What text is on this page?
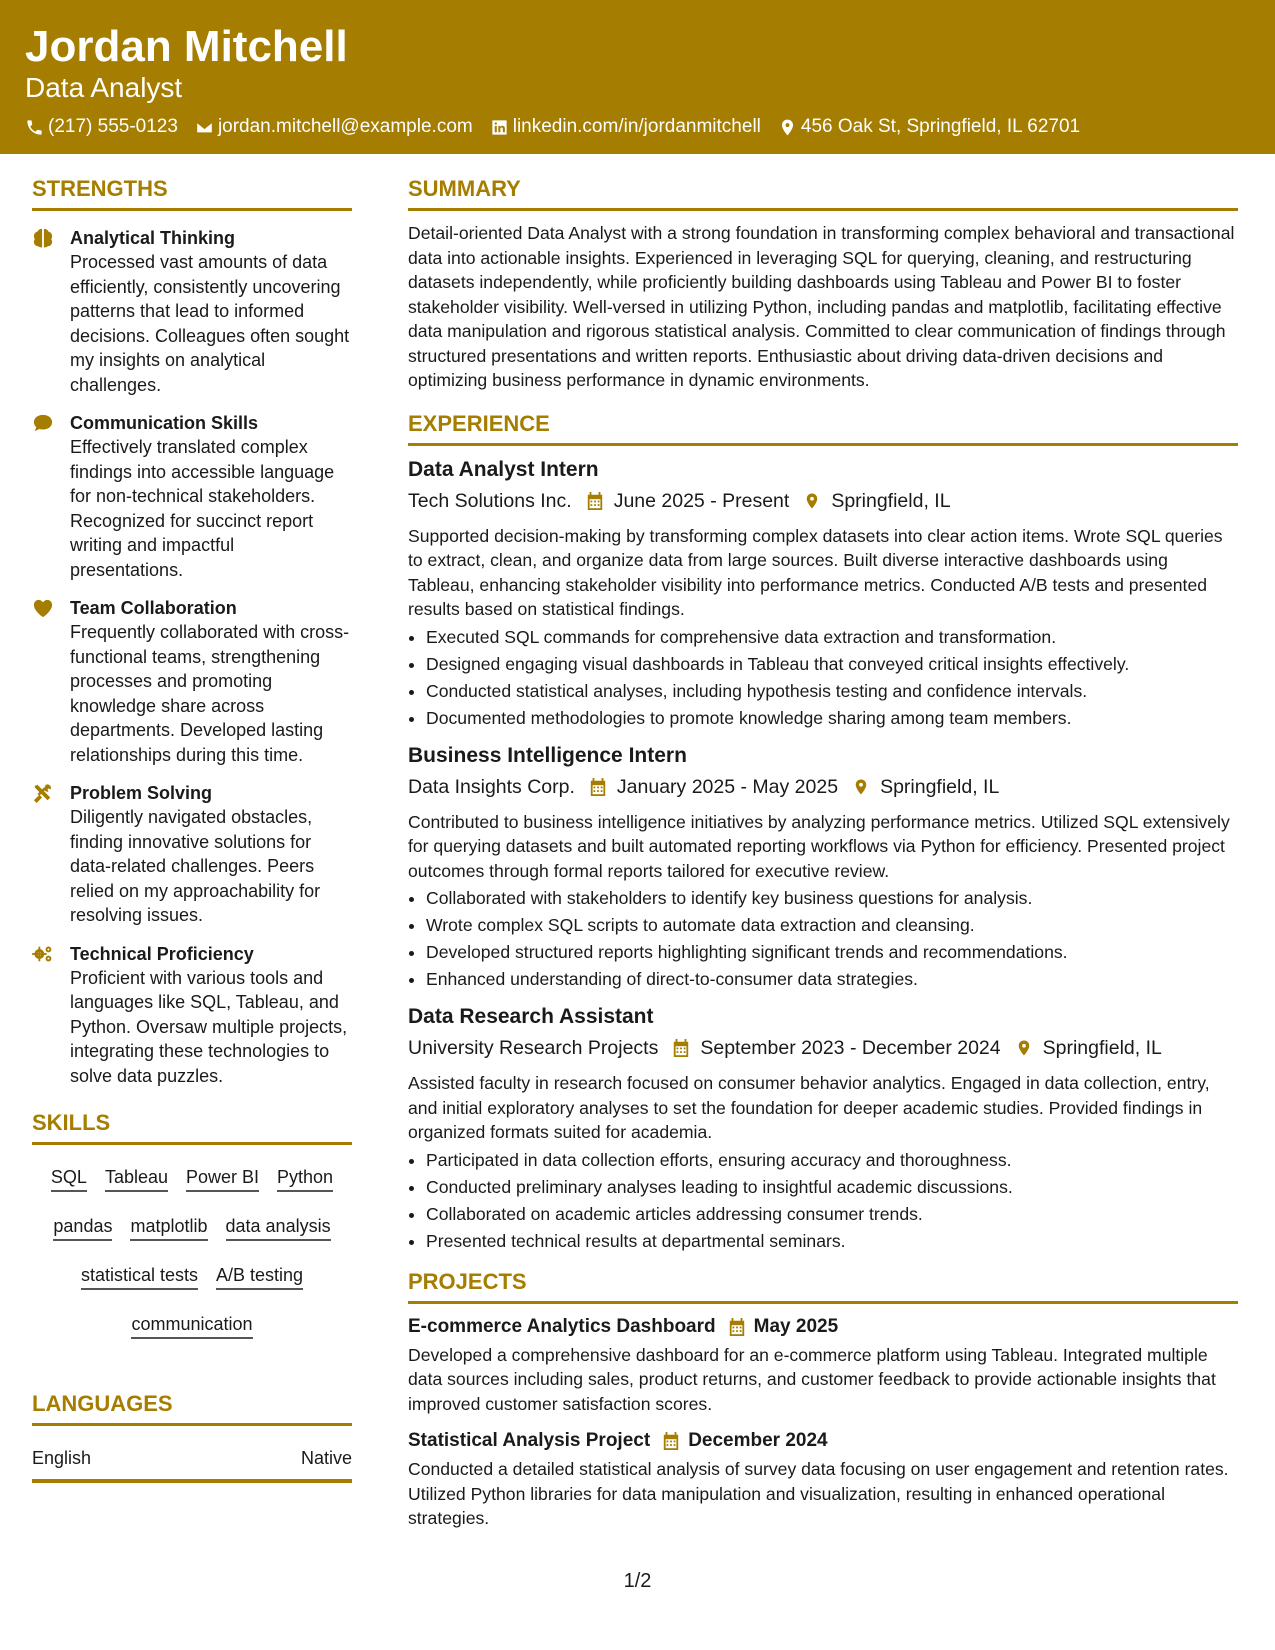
Jordan Mitchell
Data Analyst
(217) 555-0123 jordan.mitchell@example.com linkedin.com/in/jordanmitchell 456 Oak St, Springfield, IL 62701
STRENGTHS
Analytical Thinking
Processed vast amounts of data efficiently, consistently uncovering patterns that lead to informed decisions. Colleagues often sought my insights on analytical challenges.
Communication Skills
Effectively translated complex findings into accessible language for non-technical stakeholders. Recognized for succinct report writing and impactful presentations.
Team Collaboration
Frequently collaborated with cross-functional teams, strengthening processes and promoting knowledge share across departments. Developed lasting relationships during this time.
Problem Solving
Diligently navigated obstacles, finding innovative solutions for data-related challenges. Peers relied on my approachability for resolving issues.
Technical Proficiency
Proficient with various tools and languages like SQL, Tableau, and Python. Oversaw multiple projects, integrating these technologies to solve data puzzles.
SKILLS
SQL Tableau Power BI Python
pandas matplotlib data analysis
statistical tests A/B testing
communication
LANGUAGES
English	Native
SUMMARY

Detail-oriented Data Analyst with a strong foundation in transforming complex behavioral and transactional data into actionable insights. Experienced in leveraging SQL for querying, cleaning, and restructuring datasets independently, while proficiently building dashboards using Tableau and Power BI to foster stakeholder visibility. Well-versed in utilizing Python, including pandas and matplotlib, facilitating effective data manipulation and rigorous statistical analysis. Committed to clear communication of findings through structured presentations and written reports. Enthusiastic about driving data-driven decisions and optimizing business performance in dynamic environments.

EXPERIENCE
Data Analyst Intern
Tech Solutions Inc. June 2025 - Present Springfield, IL
Supported decision-making by transforming complex datasets into clear action items. Wrote SQL queries to extract, clean, and organize data from large sources. Built diverse interactive dashboards using Tableau, enhancing stakeholder visibility into performance metrics. Conducted A/B tests and presented results based on statistical findings.
• Executed SQL commands for comprehensive data extraction and transformation.
• Designed engaging visual dashboards in Tableau that conveyed critical insights effectively.
• Conducted statistical analyses, including hypothesis testing and confidence intervals.
• Documented methodologies to promote knowledge sharing among team members.
Business Intelligence Intern
Data Insights Corp. January 2025 - May 2025 Springfield, IL
Contributed to business intelligence initiatives by analyzing performance metrics. Utilized SQL extensively for querying datasets and built automated reporting workflows via Python for efficiency. Presented project outcomes through formal reports tailored for executive review.
• Collaborated with stakeholders to identify key business questions for analysis.
• Wrote complex SQL scripts to automate data extraction and cleansing.
• Developed structured reports highlighting significant trends and recommendations.
• Enhanced understanding of direct-to-consumer data strategies.
Data Research Assistant
University Research Projects September 2023 - December 2024 Springfield, IL
Assisted faculty in research focused on consumer behavior analytics. Engaged in data collection, entry, and initial exploratory analyses to set the foundation for deeper academic studies. Provided findings in organized formats suited for academia.
• Participated in data collection efforts, ensuring accuracy and thoroughness.
• Conducted preliminary analyses leading to insightful academic discussions.
• Collaborated on academic articles addressing consumer trends.
• Presented technical results at departmental seminars.
PROJECTS
E-commerce Analytics Dashboard May 2025
Developed a comprehensive dashboard for an e-commerce platform using Tableau. Integrated multiple data sources including sales, product returns, and customer feedback to provide actionable insights that improved customer satisfaction scores.
Statistical Analysis Project December 2024
Conducted a detailed statistical analysis of survey data focusing on user engagement and retention rates. Utilized Python libraries for data manipulation and visualization, resulting in enhanced operational strategies.
1/2
